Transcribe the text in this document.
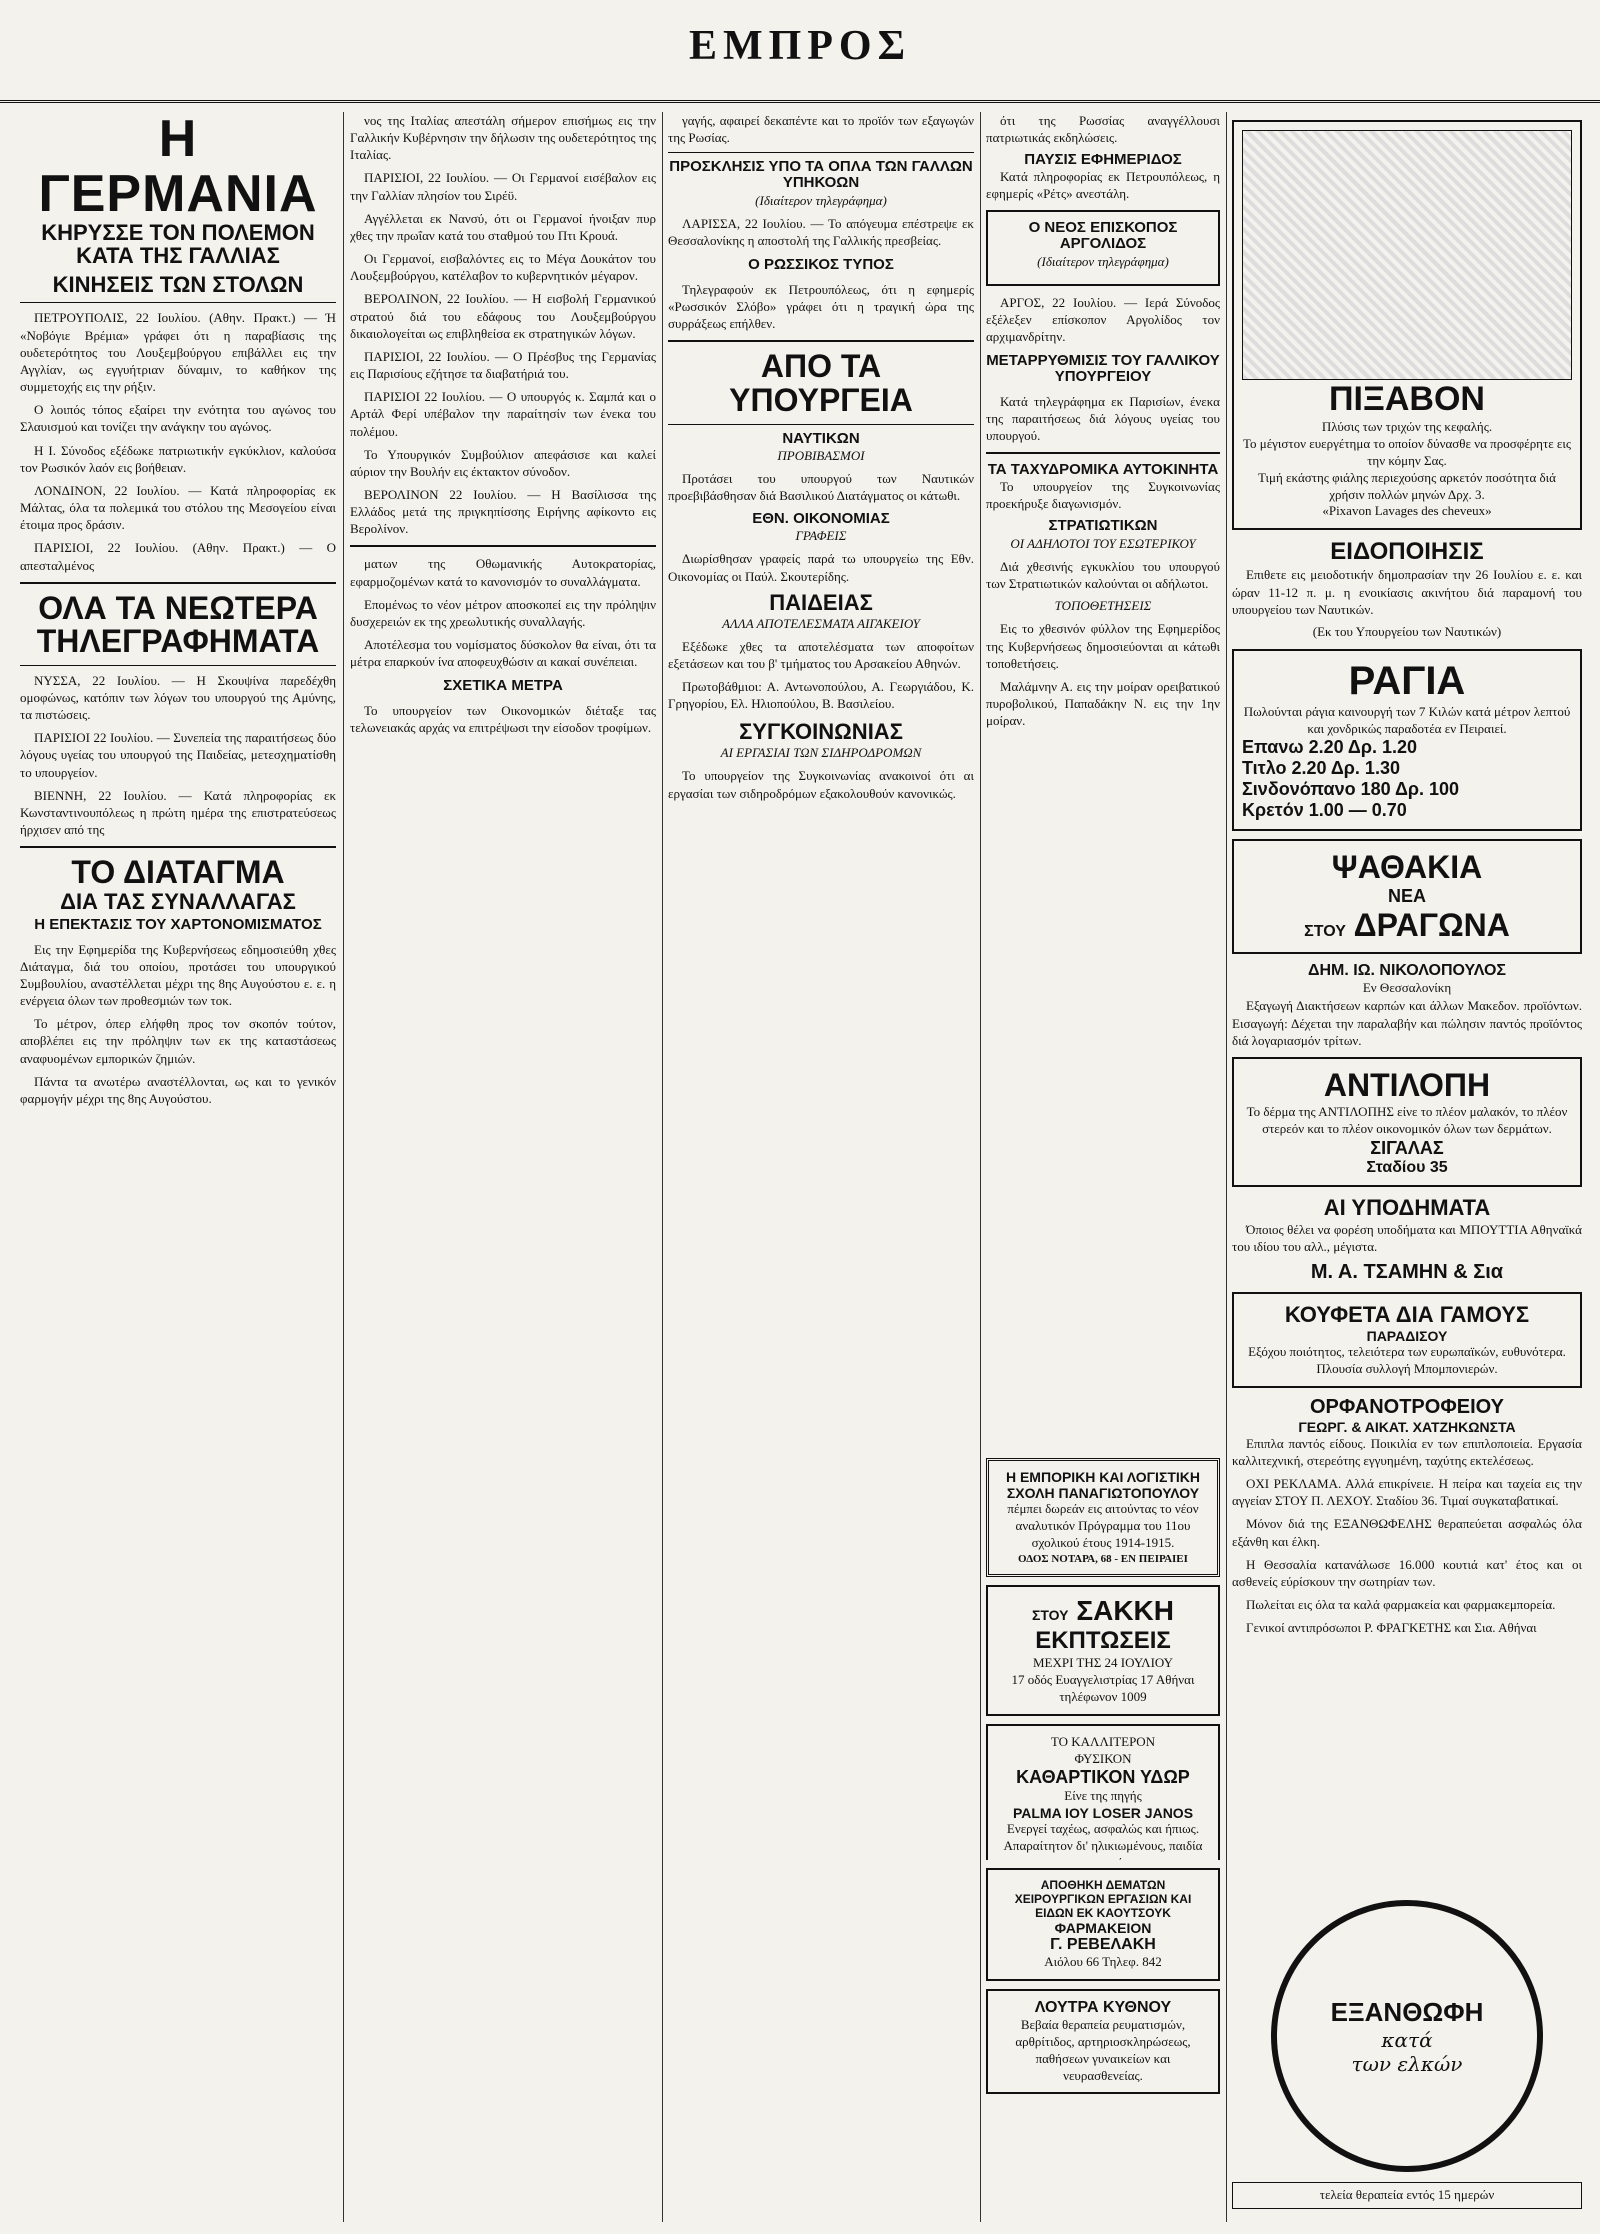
ΕΜΠΡΟΣ
Η ΓΕΡΜΑΝΙΑ
ΚΗΡΥΣΣΕ ΤΟΝ ΠΟΛΕΜΟΝ ΚΑΤΑ ΤΗΣ ΓΑΛΛΙΑΣ
ΚΙΝΗΣΕΙΣ ΤΩΝ ΣΤΟΛΩΝ

ΠΕΤΡΟΥΠΟΛΙΣ, 22 Ιουλίου. (Αθην. Πρακτ.) — Ή «Νοβόγιε Βρέμια» γράφει ότι η παραβίασις της ουδετερότητος του Λουξεμβούργου επιβάλλει εις την Αγγλίαν, ως εγγυήτριαν δύναμιν, το καθήκον της συμμετοχής εις την ρήξιν.

Ο λοιπός τόπος εξαίρει την ενότητα του αγώνος του Σλαυισμού και τονίζει την ανάγκην του αγώνος.

Η I. Σύνοδος εξέδωκε πατριωτικήν εγκύκλιον, καλούσα τον Ρωσικόν λαόν εις βοήθειαν.

ΛΟΝΔΙΝΟΝ, 22 Ιουλίου. — Κατά πληροφορίας εκ Μάλτας, όλα τα πολεμικά του στόλου της Μεσογείου είναι έτοιμα προς δράσιν.

ΠΑΡΙΣΙΟΙ, 22 Ιουλίου. (Αθην. Πρακτ.) — Ο απεσταλμένος

ΟΛΑ ΤΑ ΝΕΩΤΕΡΑ
ΤΗΛΕΓΡΑΦΗΜΑΤΑ

ΝΥΣΣΑ, 22 Ιουλίου. — Η Σκουψίνα παρεδέχθη ομοφώνως, κατόπιν των λόγων του υπουργού της Αμύνης, τα πιστώσεις.

ΠΑΡΙΣΙΟΙ 22 Ιουλίου. — Συνεπεία της παραιτήσεως δύο λόγους υγείας του υπουργού της Παιδείας, μετεσχηματίσθη το υπουργείον.

ΒΙΕΝΝΗ, 22 Ιουλίου. — Κατά πληροφορίας εκ Κωνσταντινουπόλεως η πρώτη ημέρα της επιστρατεύσεως ήρχισεν από της

ΤΟ ΔΙΑΤΑΓΜΑ
ΔΙΑ ΤΑΣ ΣΥΝΑΛΛΑΓΑΣ
Η ΕΠΕΚΤΑΣΙΣ ΤΟΥ ΧΑΡΤΟΝΟΜΙΣΜΑΤΟΣ

Εις την Εφημερίδα της Κυβερνήσεως εδημοσιεύθη χθες Διάταγμα, διά του οποίου, προτάσει του υπουργικού Συμβουλίου, αναστέλλεται μέχρι της 8ης Αυγούστου ε. ε. η ενέργεια όλων των προθεσμιών των τοκ.

Το μέτρον, όπερ ελήφθη προς τον σκοπόν τούτον, αποβλέπει εις την πρόληψιν των εκ της καταστάσεως αναφυομένων εμπορικών ζημιών.

Πάντα τα ανωτέρω αναστέλλονται, ως και το γενικόν φαρμογήν μέχρι της 8ης Αυγούστου.

νος της Ιταλίας απεστάλη σήμερον επισήμως εις την Γαλλικήν Κυβέρνησιν την δήλωσιν της ουδετερότητος της Ιταλίας.

ΠΑΡΙΣΙΟΙ, 22 Ιουλίου. — Οι Γερμανοί εισέβαλον εις την Γαλλίαν πλησίον του Σιρέϋ.

Αγγέλλεται εκ Νανσύ, ότι οι Γερμανοί ήνοιξαν πυρ χθες την πρωΐαν κατά του σταθμού του Πτι Κρουά.

Οι Γερμανοί, εισβαλόντες εις το Μέγα Δουκάτον του Λουξεμβούργου, κατέλαβον το κυβερνητικόν μέγαρον.

ΒΕΡΟΛΙΝΟΝ, 22 Ιουλίου. — Η εισβολή Γερμανικού στρατού διά του εδάφους του Λουξεμβούργου δικαιολογείται ως επιβληθείσα εκ στρατηγικών λόγων.

ΠΑΡΙΣΙΟΙ, 22 Ιουλίου. — Ο Πρέσβυς της Γερμανίας εις Παρισίους εζήτησε τα διαβατήριά του.

ΠΑΡΙΣΙΟΙ 22 Ιουλίου. — Ο υπουργός κ. Σαμπά και ο Αρτάλ Φερί υπέβαλον την παραίτησίν των ένεκα του πολέμου.

Το Υπουργικόν Συμβούλιον απεφάσισε και καλεί αύριον την Βουλήν εις έκτακτον σύνοδον.

ΒΕΡΟΛΙΝΟΝ 22 Ιουλίου. — Η Βασίλισσα της Ελλάδος μετά της πριγκηπίσσης Ειρήνης αφίκοντο εις Βερολίνον.

ματων της Οθωμανικής Αυτοκρατορίας, εφαρμοζομένων κατά το κανονισμόν το συναλλάγματα.

Επομένως το νέον μέτρον αποσκοπεί εις την πρόληψιν δυσχερειών εκ της χρεωλυτικής συναλλαγής.

Αποτέλεσμα του νομίσματος δύσκολον θα είναι, ότι τα μέτρα επαρκούν ίνα αποφευχθώσιν αι κακαί συνέπειαι.

ΣΧΕΤΙΚΑ ΜΕΤΡΑ

Το υπουργείον των Οικονομικών διέταξε τας τελωνειακάς αρχάς να επιτρέψωσι την είσοδον τροφίμων.

γαγής, αφαιρεί δεκαπέντε και το προϊόν των εξαγωγών της Ρωσίας.

ΠΡΟΣΚΛΗΣΙΣ ΥΠΟ ΤΑ ΟΠΛΑ ΤΩΝ ΓΑΛΛΩΝ ΥΠΗΚΟΩΝ
(Ιδιαίτερον τηλεγράφημα)

ΛΑΡΙΣΣΑ, 22 Ιουλίου. — Το απόγευμα επέστρεψε εκ Θεσσαλονίκης η αποστολή της Γαλλικής πρεσβείας.

Ο ΡΩΣΣΙΚΟΣ ΤΥΠΟΣ

Τηλεγραφούν εκ Πετρουπόλεως, ότι η εφημερίς «Ρωσσικόν Σλόβο» γράφει ότι η τραγική ώρα της συρράξεως επήλθεν.

ΑΠΟ ΤΑ ΥΠΟΥΡΓΕΙΑ
ΝΑΥΤΙΚΩΝ
ΠΡΟΒΙΒΑΣΜΟΙ

Προτάσει του υπουργού των Ναυτικών προεβιβάσθησαν διά Βασιλικού Διατάγματος οι κάτωθι.

ΕΘΝ. ΟΙΚΟΝΟΜΙΑΣ
ΓΡΑΦΕΙΣ

Διωρίσθησαν γραφείς παρά τω υπουργείω της Εθν. Οικονομίας οι Παύλ. Σκουτερίδης.

ΠΑΙΔΕΙΑΣ
ΑΛΛΑ ΑΠΟΤΕΛΕΣΜΑΤΑ ΑΙΓΑΚΕΙΟΥ

Εξέδωκε χθες τα αποτελέσματα των αποφοίτων εξετάσεων και του β' τμήματος του Αρσακείου Αθηνών.

Πρωτοβάθμιοι: Α. Αντωνοπούλου, Α. Γεωργιάδου, Κ. Γρηγορίου, Ελ. Ηλιοπούλου, Β. Βασιλείου.

ΣΥΓΚΟΙΝΩΝΙΑΣ
ΑΙ ΕΡΓΑΣΙΑΙ ΤΩΝ ΣΙΔΗΡΟΔΡΟΜΩΝ

Το υπουργείον της Συγκοινωνίας ανακοινοί ότι αι εργασίαι των σιδηροδρόμων εξακολουθούν κανονικώς.

ότι της Ρωσσίας αναγγέλλουσι πατριωτικάς εκδηλώσεις.

ΠΑΥΣΙΣ ΕΦΗΜΕΡΙΔΟΣ

Κατά πληροφορίας εκ Πετρουπόλεως, η εφημερίς «Ρέτς» ανεστάλη.

Ο ΝΕΟΣ ΕΠΙΣΚΟΠΟΣ ΑΡΓΟΛΙΔΟΣ
(Ιδιαίτερον τηλεγράφημα)

ΑΡΓΟΣ, 22 Ιουλίου. — Ιερά Σύνοδος εξέλεξεν επίσκοπον Αργολίδος τον αρχιμανδρίτην.

ΜΕΤΑΡΡΥΘΜΙΣΙΣ ΤΟΥ ΓΑΛΛΙΚΟΥ ΥΠΟΥΡΓΕΙΟΥ

Κατά τηλεγράφημα εκ Παρισίων, ένεκα της παραιτήσεως διά λόγους υγείας του υπουργού.

ΤΑ ΤΑΧΥΔΡΟΜΙΚΑ ΑΥΤΟΚΙΝΗΤΑ

Το υπουργείον της Συγκοινωνίας προεκήρυξε διαγωνισμόν.

ΣΤΡΑΤΙΩΤΙΚΩΝ
ΟΙ ΑΔΗΛΟΤΟΙ ΤΟΥ ΕΣΩΤΕΡΙΚΟΥ

Διά χθεσινής εγκυκλίου του υπουργού των Στρατιωτικών καλούνται οι αδήλωτοι.

ΤΟΠΟΘΕΤΗΣΕΙΣ

Εις το χθεσινόν φύλλον της Εφημερίδος της Κυβερνήσεως δημοσιεύονται αι κάτωθι τοποθετήσεις.

Μαλάμνην Α. εις την μοίραν ορειβατικού πυροβολικού, Παπαδάκην Ν. εις την 1ην μοίραν.

Η ΕΜΠΟΡΙΚΗ ΚΑΙ ΛΟΓΙΣΤΙΚΗ ΣΧΟΛΗ ΠΑΝΑΓΙΩΤΟΠΟΥΛΟΥ
πέμπει δωρεάν εις αιτούντας το νέον αναλυτικόν Πρόγραμμα του 11ου σχολικού έτους 1914-1915.
ΟΔΟΣ ΝΟΤΑΡΑ, 68 - ΕΝ ΠΕΙΡΑΙΕΙ
ΣΤΟΥ ΣΑΚΚΗ
ΕΚΠΤΩΣΕΙΣ
ΜΕΧΡΙ ΤΗΣ 24 ΙΟΥΛΙΟΥ
17 οδός Ευαγγελιστρίας 17 Αθήναι τηλέφωνον 1009
ΤΟ ΚΑΛΛΙΤΕΡΟΝ
ΦΥΣΙΚΟΝ
ΚΑΘΑΡΤΙΚΟΝ ΥΔΩΡ
Είνε της πηγής
PALMA ΙΟΥ LOSER JANOS
Ενεργεί ταχέως, ασφαλώς και ήπιως. Απαραίτητον δι' ηλικιωμένους, παιδία
ΠΙΞΑΒΟΝ
Πλύσις των τριχών της κεφαλής.
Το μέγιστον ευεργέτημα το οποίον δύνασθε να προσφέρητε εις την κόμην Σας.
Τιμή εκάστης φιάλης περιεχούσης αρκετόν ποσότητα διά χρήσιν πολλών μηνών Δρχ. 3.
«Pixavon Lavages des cheveux»
ΕΙΔΟΠΟΙΗΣΙΣ

Επιθετε εις μειοδοτικήν δημοπρασίαν την 26 Ιουλίου ε. ε. και ώραν 11-12 π. μ. η ενοικίασις ακινήτου διά παραμονή του υπουργείου των Ναυτικών.

(Εκ του Υπουργείου των Ναυτικών)
ΡΑΓΙΑ
Πωλούνται ράγια καινουργή των 7 Κιλών κατά μέτρον λεπτού και χονδρικώς παραδοτέα εν Πειραιεί.
Επανω 2.20 Δρ. 1.20
Τιτλο 2.20 Δρ. 1.30
Σινδονόπανο 180 Δρ. 100
Κρετόν 1.00 — 0.70
ΨΑΘΑΚΙΑ
ΝΕΑ
ΣΤΟΥ ΔΡΑΓΩΝΑ
ΔΗΜ. ΙΩ. ΝΙΚΟΛΟΠΟΥΛΟΣ
Εν Θεσσαλονίκη

Εξαγωγή Διακτήσεων καρπών και άλλων Μακεδον. προϊόντων. Εισαγωγή: Δέχεται την παραλαβήν και πώλησιν παντός προϊόντος διά λογαριασμόν τρίτων.

ΑΝΤΙΛΟΠΗ
Το δέρμα της ΑΝΤΙΛΟΠΗΣ είνε το πλέον μαλακόν, το πλέον στερεόν και το πλέον οικονομικόν όλων των δερμάτων.
ΣΙΓΑΛΑΣ
Σταδίου 35
ΑΙ ΥΠΟΔΗΜΑΤΑ

Όποιος θέλει να φορέση υποδήματα και ΜΠΟΥΤΤΙΑ Αθηναϊκά του ιδίου του αλλ., μέγιστα.

Μ. Α. ΤΣΑΜΗΝ & Σια
ΚΟΥΦΕΤΑ ΔΙΑ ΓΑΜΟΥΣ
ΠΑΡΑΔΙΣΟΥ
Εξόχου ποιότητος, τελειότερα των ευρωπαϊκών, ευθυνότερα. Πλουσία συλλογή Μπομπονιερών.
ΟΡΦΑΝΟΤΡΟΦΕΙΟΥ
ΓΕΩΡΓ. & ΑΙΚΑΤ. ΧΑΤΖΗΚΩΝΣΤΑ

Επιπλα παντός είδους. Ποικιλία εν των επιπλοποιεία. Εργασία καλλιτεχνική, στερεότης εγγυημένη, ταχύτης εκτελέσεως.

ΟΧΙ ΡΕΚΛΑΜΑ. Αλλά επικρίνειε. Η πείρα και ταχεία εις την αγγείαν ΣΤΟΥ Π. ΛΕΧΟΥ. Σταδίου 36. Τιμαί συγκαταβατικαί.

Μόνον διά της ΕΞΑΝΘΩΦΕΛΗΣ θεραπεύεται ασφαλώς όλα εξάνθη και έλκη.

Η Θεσσαλία κατανάλωσε 16.000 κουτιά κατ' έτος και οι ασθενείς εύρίσκουν την σωτηρίαν των.

Πωλείται εις όλα τα καλά φαρμακεία και φαρμακεμπορεία.

Γενικοί αντιπρόσωποι Ρ. ΦΡΑΓΚΕΤΗΣ και Σια. Αθήναι

ΑΠΟΘΗΚΗ ΔΕΜΑΤΩΝ ΧΕΙΡΟΥΡΓΙΚΩΝ ΕΡΓΑΣΙΩΝ ΚΑΙ ΕΙΔΩΝ ΕΚ ΚΑΟΥΤΣΟΥΚ
ΦΑΡΜΑΚΕΙΟΝ
Γ. ΡΕΒΕΛΑΚΗ
Αιόλου 66 Τηλεφ. 842
ΛΟΥΤΡΑ ΚΥΘΝΟΥ
Βεβαία θεραπεία ρευματισμών, αρθρίτιδος, αρτηριοσκληρώσεως, παθήσεων γυναικείων και νευρασθενείας.
ΕΞΑΝΘΩΦΗ
κατά
των ελκών
τελεία θεραπεία εντός 15 ημερών
